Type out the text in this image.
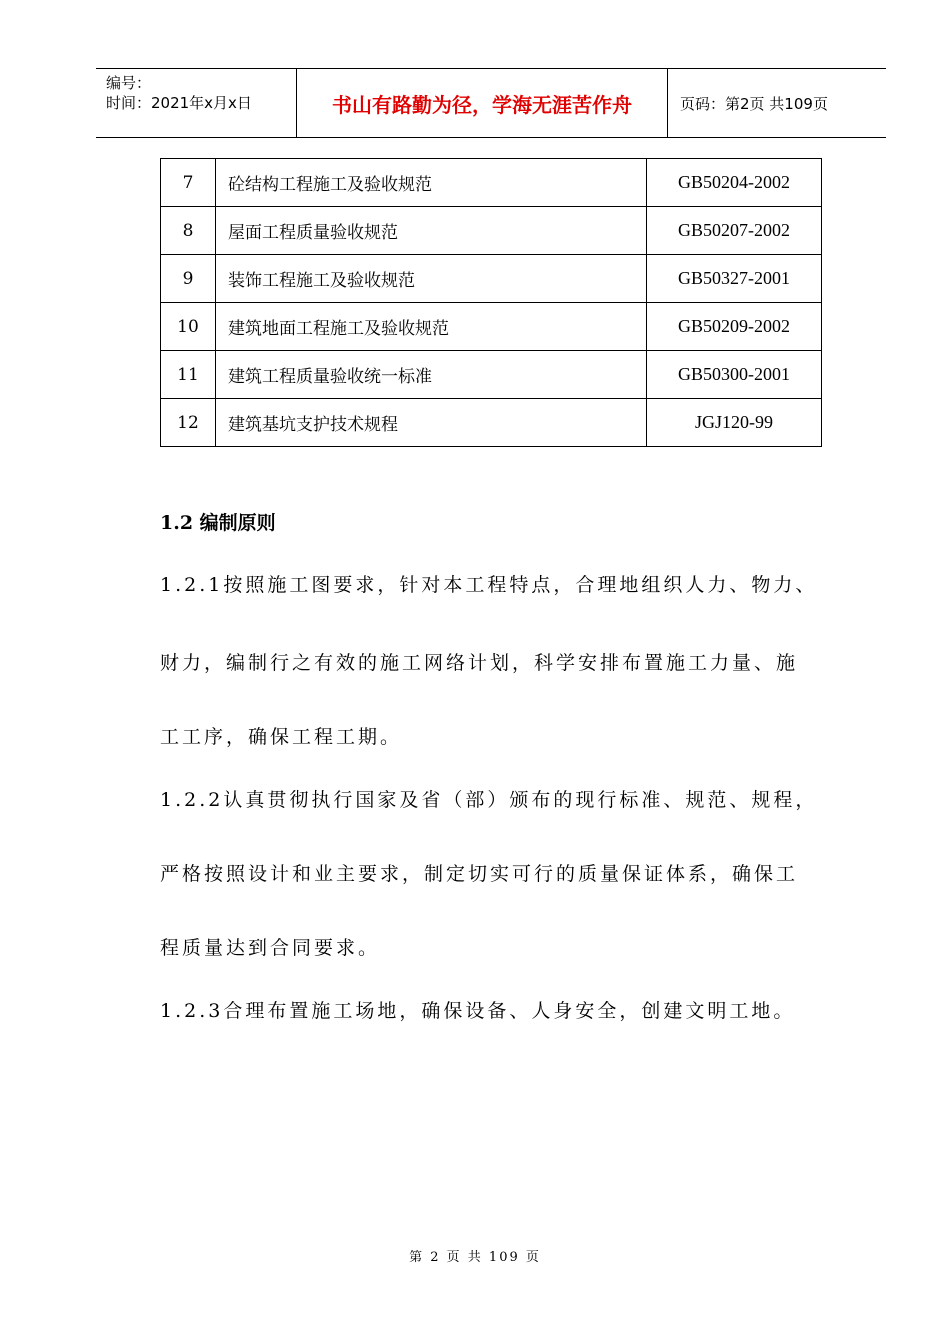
编号：
时间：2021年x月x日	书山有路勤为径，学海无涯苦作舟	页码：第2页 共109页
7	砼结构工程施工及验收规范	GB50204-2002
8	屋面工程质量验收规范	GB50207-2002
9	装饰工程施工及验收规范	GB50327-2001
10	建筑地面工程施工及验收规范	GB50209-2002
11	建筑工程质量验收统一标准	GB50300-2001
12	建筑基坑支护技术规程	JGJ120-99
1.2 编制原则
1.2.1按照施工图要求，针对本工程特点，合理地组织人力、物力、
财力，编制行之有效的施工网络计划，科学安排布置施工力量、施
工工序，确保工程工期。
1.2.2认真贯彻执行国家及省（部）颁布的现行标准、规范、规程，
严格按照设计和业主要求，制定切实可行的质量保证体系，确保工
程质量达到合同要求。
1.2.3合理布置施工场地，确保设备、人身安全，创建文明工地。
第 2 页 共 109 页
